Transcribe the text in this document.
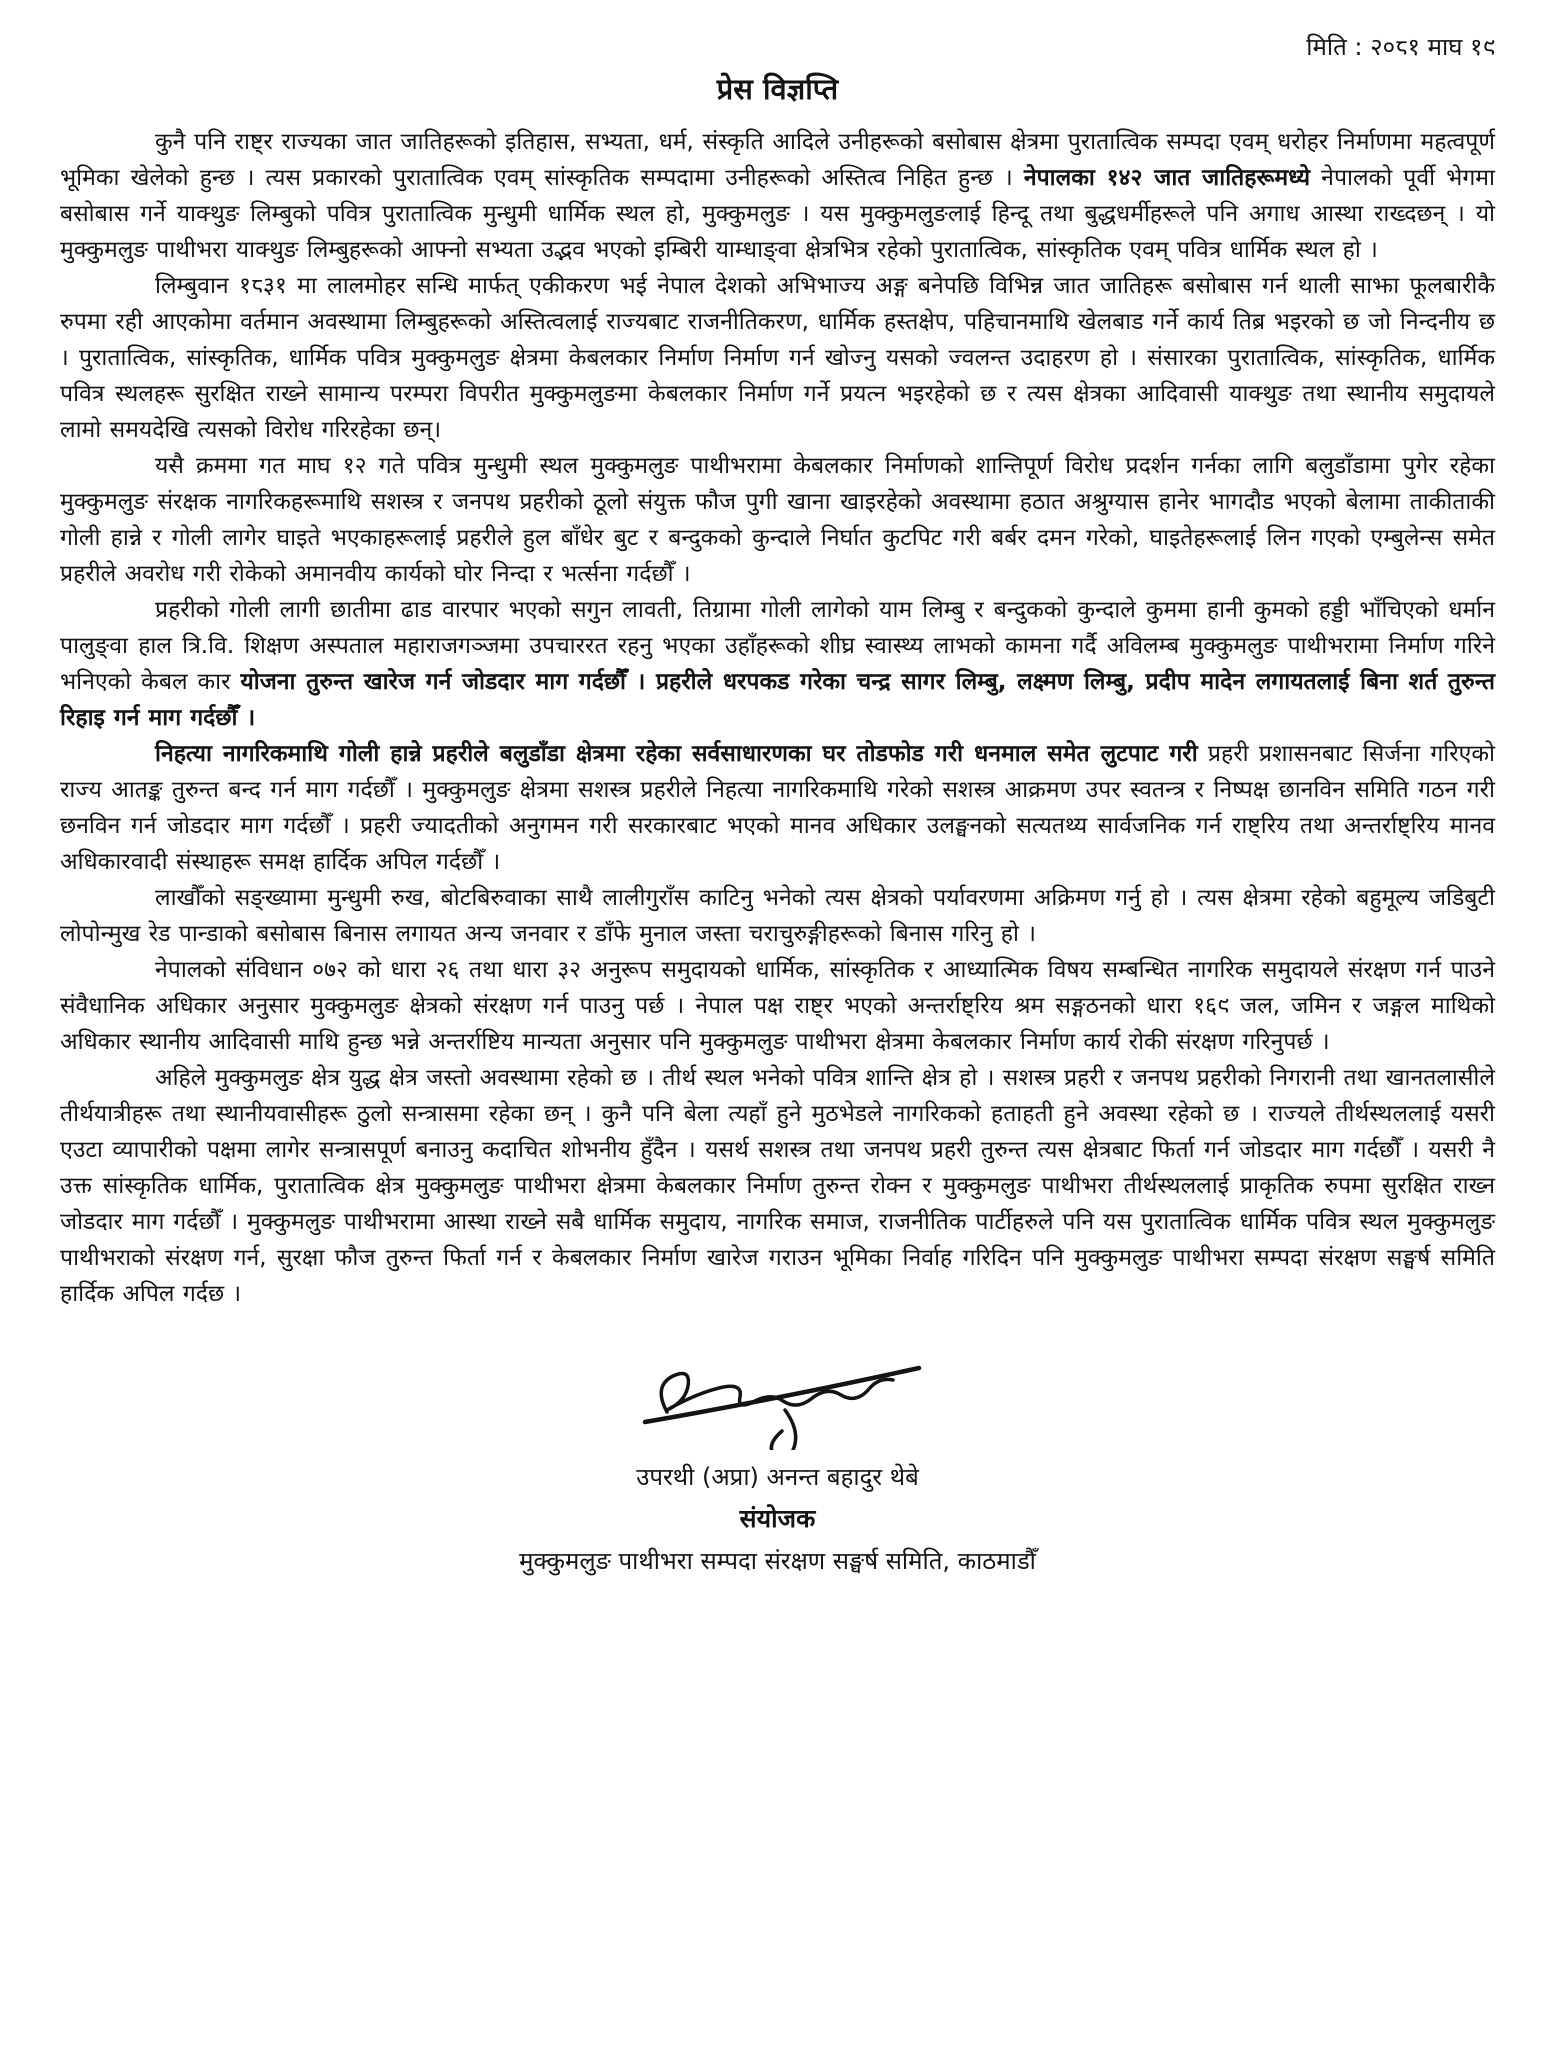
मिति : २०८१ माघ १९
प्रेस विज्ञप्ति

कुनै पनि राष्ट्र राज्यका जात जातिहरूको इतिहास, सभ्यता, धर्म, संस्कृति आदिले उनीहरूको बसोबास क्षेत्रमा पुरातात्विक सम्पदा एवम् धरोहर निर्माणमा महत्वपूर्ण भूमिका खेलेको हुन्छ । त्यस प्रकारको पुरातात्विक एवम् सांस्कृतिक सम्पदामा उनीहरूको अस्तित्व निहित हुन्छ । नेपालका १४२ जात जातिहरूमध्ये नेपालको पूर्वी भेगमा बसोबास गर्ने याक्थुङ लिम्बुको पवित्र पुरातात्विक मुन्धुमी धार्मिक स्थल हो, मुक्कुमलुङ । यस मुक्कुमलुङलाई हिन्दू तथा बुद्धधर्मीहरूले पनि अगाध आस्था राख्दछन् । यो मुक्कुमलुङ पाथीभरा याक्थुङ लिम्बुहरूको आफ्नो सभ्यता उद्भव भएको इम्बिरी याम्धाङ्वा क्षेत्रभित्र रहेको पुरातात्विक, सांस्कृतिक एवम् पवित्र धार्मिक स्थल हो ।

लिम्बुवान १८३१ मा लालमोहर सन्धि मार्फत् एकीकरण भई नेपाल देशको अभिभाज्य अङ्ग बनेपछि विभिन्न जात जातिहरू बसोबास गर्न थाली साझा फूलबारीकै रुपमा रही आएकोमा वर्तमान अवस्थामा लिम्बुहरूको अस्तित्वलाई राज्यबाट राजनीतिकरण, धार्मिक हस्तक्षेप, पहिचानमाथि खेलबाड गर्ने कार्य तिब्र भइरको छ जो निन्दनीय छ । पुरातात्विक, सांस्कृतिक, धार्मिक पवित्र मुक्कुमलुङ क्षेत्रमा केबलकार निर्माण निर्माण गर्न खोज्नु यसको ज्वलन्त उदाहरण हो । संसारका पुरातात्विक, सांस्कृतिक, धार्मिक पवित्र स्थलहरू सुरक्षित राख्ने सामान्य परम्परा विपरीत मुक्कुमलुङमा केबलकार निर्माण गर्ने प्रयत्न भइरहेको छ र त्यस क्षेत्रका आदिवासी याक्थुङ तथा स्थानीय समुदायले लामो समयदेखि त्यसको विरोध गरिरहेका छन्।

यसै क्रममा गत माघ १२ गते पवित्र मुन्धुमी स्थल मुक्कुमलुङ पाथीभरामा केबलकार निर्माणको शान्तिपूर्ण विरोध प्रदर्शन गर्नका लागि बलुडाँडामा पुगेर रहेका मुक्कुमलुङ संरक्षक नागरिकहरूमाथि सशस्त्र र जनपथ प्रहरीको ठूलो संयुक्त फौज पुगी खाना खाइरहेको अवस्थामा हठात अश्रुग्यास हानेर भागदौड भएको बेलामा ताकीताकी गोली हान्ने र गोली लागेर घाइते भएकाहरूलाई प्रहरीले हुल बाँधेर बुट र बन्दुकको कुन्दाले निर्घात कुटपिट गरी बर्बर दमन गरेको, घाइतेहरूलाई लिन गएको एम्बुलेन्स समेत प्रहरीले अवरोध गरी रोकेको अमानवीय कार्यको घोर निन्दा र भर्त्सना गर्दछौँ ।

प्रहरीको गोली लागी छातीमा ढाड वारपार भएको सगुन लावती, तिग्रामा गोली लागेको याम लिम्बु र बन्दुकको कुन्दाले कुममा हानी कुमको हड्डी भाँचिएको धर्मान पालुङ्वा हाल त्रि.वि. शिक्षण अस्पताल महाराजगञ्जमा उपचाररत रहनु भएका उहाँहरूको शीघ्र स्वास्थ्य लाभको कामना गर्दै अविलम्ब मुक्कुमलुङ पाथीभरामा निर्माण गरिने भनिएको केबल कार योजना तुरुन्त खारेज गर्न जोडदार माग गर्दछौँ । प्रहरीले धरपकड गरेका चन्द्र सागर लिम्बु, लक्ष्मण लिम्बु, प्रदीप मादेन लगायतलाई बिना शर्त तुरुन्त रिहाइ गर्न माग गर्दछौँ ।

निहत्या नागरिकमाथि गोली हान्ने प्रहरीले बलुडाँडा क्षेत्रमा रहेका सर्वसाधारणका घर तोडफोड गरी धनमाल समेत लुटपाट गरी प्रहरी प्रशासनबाट सिर्जना गरिएको राज्य आतङ्क तुरुन्त बन्द गर्न माग गर्दछौँ । मुक्कुमलुङ क्षेत्रमा सशस्त्र प्रहरीले निहत्या नागरिकमाथि गरेको सशस्त्र आक्रमण उपर स्वतन्त्र र निष्पक्ष छानविन समिति गठन गरी छनविन गर्न जोडदार माग गर्दछौँ । प्रहरी ज्यादतीको अनुगमन गरी सरकारबाट भएको मानव अधिकार उलङ्घनको सत्यतथ्य सार्वजनिक गर्न राष्ट्रिय तथा अन्तर्राष्ट्रिय मानव अधिकारवादी संस्थाहरू समक्ष हार्दिक अपिल गर्दछौँ ।

लाखौँको सङ्ख्यामा मुन्धुमी रुख, बोटबिरुवाका साथै लालीगुराँस काटिनु भनेको त्यस क्षेत्रको पर्यावरणमा अक्रिमण गर्नु हो । त्यस क्षेत्रमा रहेको बहुमूल्य जडिबुटी लोपोन्मुख रेड पान्डाको बसोबास बिनास लगायत अन्य जनवार र डाँफे मुनाल जस्ता चराचुरुङ्गीहरूको बिनास गरिनु हो ।

नेपालको संविधान ०७२ को धारा २६ तथा धारा ३२ अनुरूप समुदायको धार्मिक, सांस्कृतिक र आध्यात्मिक विषय सम्बन्धित नागरिक समुदायले संरक्षण गर्न पाउने संवैधानिक अधिकार अनुसार मुक्कुमलुङ क्षेत्रको संरक्षण गर्न पाउनु पर्छ । नेपाल पक्ष राष्ट्र भएको अन्तर्राष्ट्रिय श्रम सङ्गठनको धारा १६९ जल, जमिन र जङ्गल माथिको अधिकार स्थानीय आदिवासी माथि हुन्छ भन्ने अन्तर्राष्टिय मान्यता अनुसार पनि मुक्कुमलुङ पाथीभरा क्षेत्रमा केबलकार निर्माण कार्य रोकी संरक्षण गरिनुपर्छ ।

अहिले मुक्कुमलुङ क्षेत्र युद्ध क्षेत्र जस्तो अवस्थामा रहेको छ । तीर्थ स्थल भनेको पवित्र शान्ति क्षेत्र हो । सशस्त्र प्रहरी र जनपथ प्रहरीको निगरानी तथा खानतलासीले तीर्थयात्रीहरू तथा स्थानीयवासीहरू ठुलो सन्त्रासमा रहेका छन् । कुनै पनि बेला त्यहाँ हुने मुठभेडले नागरिकको हताहती हुने अवस्था रहेको छ । राज्यले तीर्थस्थललाई यसरी एउटा व्यापारीको पक्षमा लागेर सन्त्रासपूर्ण बनाउनु कदाचित शोभनीय हुँदैन । यसर्थ सशस्त्र तथा जनपथ प्रहरी तुरुन्त त्यस क्षेत्रबाट फिर्ता गर्न जोडदार माग गर्दछौँ । यसरी नै उक्त सांस्कृतिक धार्मिक, पुरातात्विक क्षेत्र मुक्कुमलुङ पाथीभरा क्षेत्रमा केबलकार निर्माण तुरुन्त रोक्न र मुक्कुमलुङ पाथीभरा तीर्थस्थललाई प्राकृतिक रुपमा सुरक्षित राख्न जोडदार माग गर्दछौँ । मुक्कुमलुङ पाथीभरामा आस्था राख्ने सबै धार्मिक समुदाय, नागरिक समाज, राजनीतिक पार्टीहरुले पनि यस पुरातात्विक धार्मिक पवित्र स्थल मुक्कुमलुङ पाथीभराको संरक्षण गर्न, सुरक्षा फौज तुरुन्त फिर्ता गर्न र केबलकार निर्माण खारेज गराउन भूमिका निर्वाह गरिदिन पनि मुक्कुमलुङ पाथीभरा सम्पदा संरक्षण सङ्घर्ष समिति हार्दिक अपिल गर्दछ ।

उपरथी (अप्रा) अनन्त बहादुर थेबे
संयोजक
मुक्कुमलुङ पाथीभरा सम्पदा संरक्षण सङ्घर्ष समिति, काठमाडौँ
